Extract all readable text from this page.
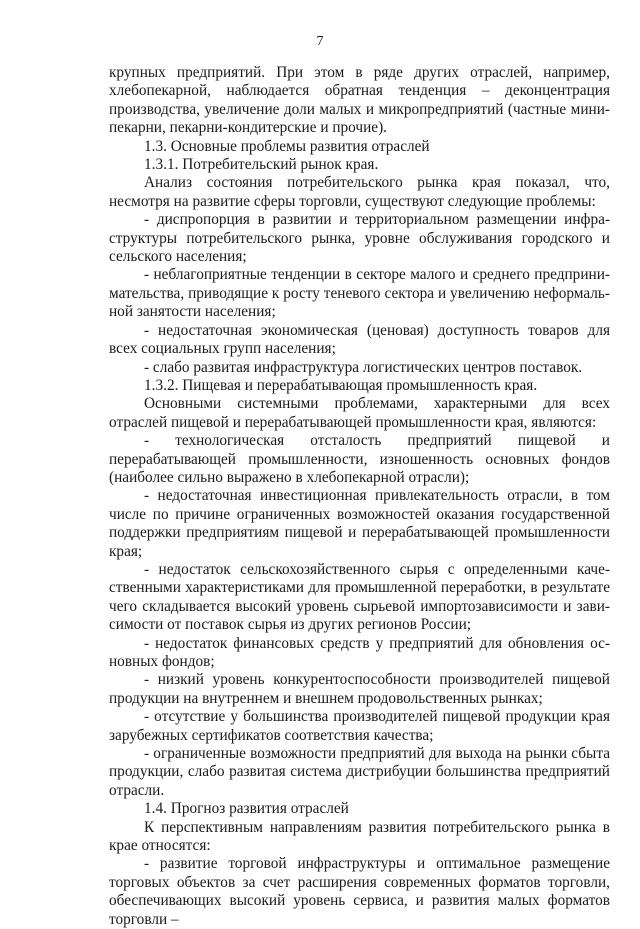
7

крупных предприятий. При этом в ряде других отраслей, например, хлебопекарной, наблюдается обратная тенденция – деконцентрация производства, увеличение доли малых и микропредприятий (частные мини-пекарни, пекарни-кондитерские и прочие).

1.3. Основные проблемы развития отраслей

1.3.1. Потребительский рынок края.

Анализ состояния потребительского рынка края показал, что, несмотря на развитие сферы торговли, существуют следующие проблемы:

- диспропорция в развитии и территориальном размещении инфраструктуры потребительского рынка, уровне обслуживания городского и сельского населения;

- неблагоприятные тенденции в секторе малого и среднего предпринимательства, приводящие к росту теневого сектора и увеличению неформальной занятости населения;

- недостаточная экономическая (ценовая) доступность товаров для всех социальных групп населения;

- слабо развитая инфраструктура логистических центров поставок.

1.3.2. Пищевая и перерабатывающая промышленность края.

Основными системными проблемами, характерными для всех отраслей пищевой и перерабатывающей промышленности края, являются:

- технологическая отсталость предприятий пищевой и перерабатывающей промышленности, изношенность основных фондов (наиболее сильно выражено в хлебопекарной отрасли);

- недостаточная инвестиционная привлекательность отрасли, в том числе по причине ограниченных возможностей оказания государственной поддержки предприятиям пищевой и перерабатывающей промышленности края;

- недостаток сельскохозяйственного сырья с определенными качественными характеристиками для промышленной переработки, в результате чего складывается высокий уровень сырьевой импортозависимости и зависимости от поставок сырья из других регионов России;

- недостаток финансовых средств у предприятий для обновления основных фондов;

- низкий уровень конкурентоспособности производителей пищевой продукции на внутреннем и внешнем продовольственных рынках;

- отсутствие у большинства производителей пищевой продукции края зарубежных сертификатов соответствия качества;

- ограниченные возможности предприятий для выхода на рынки сбыта продукции, слабо развитая система дистрибуции большинства предприятий отрасли.

1.4. Прогноз развития отраслей

К перспективным направлениям развития потребительского рынка в крае относятся:

- развитие торговой инфраструктуры и оптимальное размещение торговых объектов за счет расширения современных форматов торговли, обеспечивающих высокий уровень сервиса, и развития малых форматов торговли –
